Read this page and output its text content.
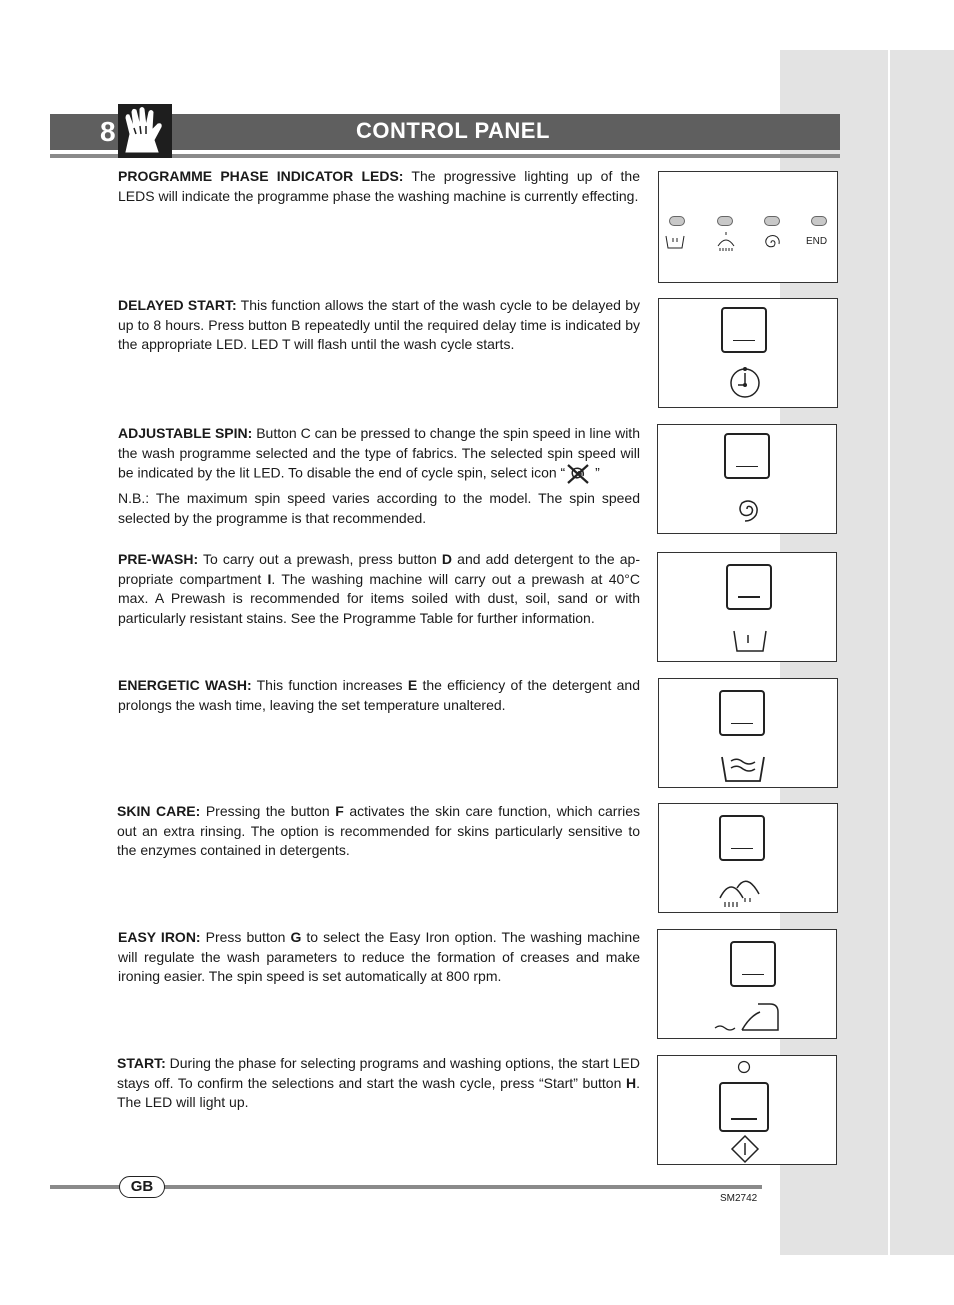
8	CONTROL PANEL

PROGRAMME PHASE INDICATOR LEDS: The progressive lighting up of the LEDS will indicate the programme phase the washing machine is currently effecting.

END

DELAYED START: This function allows the start of the wash cycle to be delayed by up to 8 hours. Press button B repeatedly until the required delay time is indicated by the appropriate LED. LED T will flash until the wash cycle starts.

ADJUSTABLE SPIN: Button C can be pressed to change the spin speed in line with the wash programme selected and the type of fabrics. The selected spin speed will be indicated by the lit LED. To disable the end of cycle spin, select icon “ ”

N.B.: The maximum spin speed varies according to the model. The spin speed selected by the programme is that recommended.

PRE-WASH: To carry out a prewash, press button D and add detergent to the ap-propriate compartment I. The washing machine will carry out a prewash at 40°C max. A Prewash is recommended for items soiled with dust, soil, sand or with particularly resistant stains. See the Programme Table for further information.

ENERGETIC WASH: This function increases E the efficiency of the detergent and prolongs the wash time, leaving the set temperature unaltered.

SKIN CARE: Pressing the button F activates the skin care function, which carries out an extra rinsing. The option is recommended for skins particularly sensitive to the enzymes contained in detergents.

EASY IRON: Press button G to select the Easy Iron option. The washing machine will regulate the wash parameters to reduce the formation of creases and make ironing easier. The spin speed is set automatically at 800 rpm.

START: During the phase for selecting programs and washing options, the start LED stays off. To confirm the selections and start the wash cycle, press “Start” button H. The LED will light up.

GB
SM2742
